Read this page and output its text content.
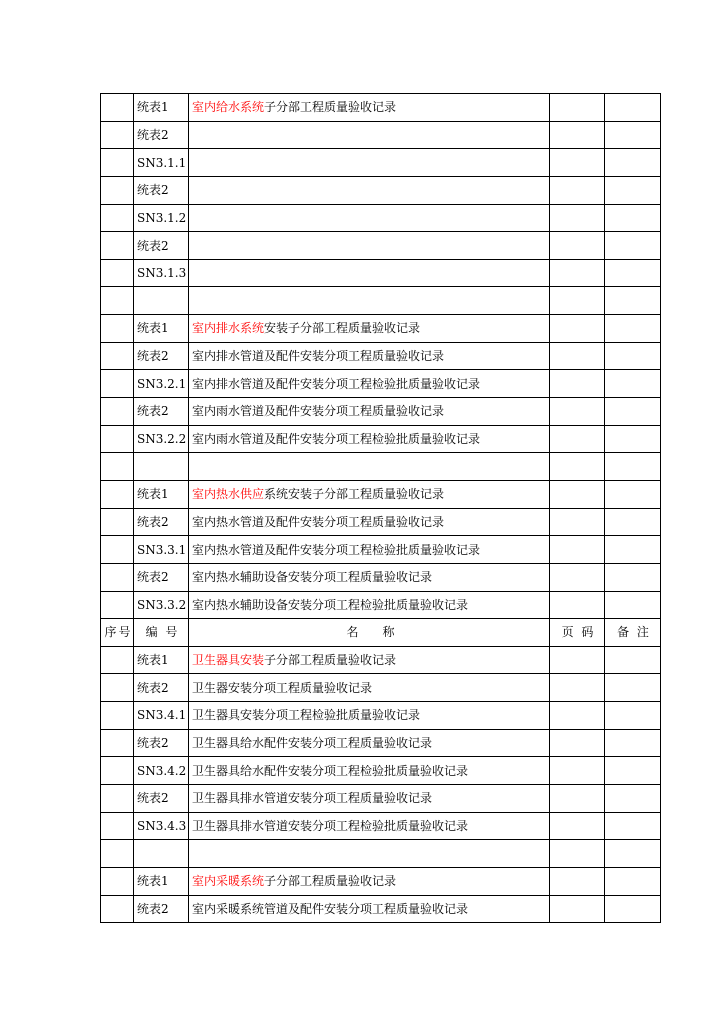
	统表1	室内给水系统子分部工程质量验收记录		
	统表2			
	SN3.1.1			
	统表2			
	SN3.1.2			
	统表2			
	SN3.1.3			

	统表1	室内排水系统安装子分部工程质量验收记录		
	统表2	室内排水管道及配件安装分项工程质量验收记录		
	SN3.2.1	室内排水管道及配件安装分项工程检验批质量验收记录		
	统表2	室内雨水管道及配件安装分项工程质量验收记录		
	SN3.2.2	室内雨水管道及配件安装分项工程检验批质量验收记录		

	统表1	室内热水供应系统安装子分部工程质量验收记录		
	统表2	室内热水管道及配件安装分项工程质量验收记录		
	SN3.3.1	室内热水管道及配件安装分项工程检验批质量验收记录		
	统表2	室内热水辅助设备安装分项工程质量验收记录		
	SN3.3.2	室内热水辅助设备安装分项工程检验批质量验收记录		
序号	编 号	名　　称	页 码	备 注
	统表1	卫生器具安装子分部工程质量验收记录		
	统表2	卫生器安装分项工程质量验收记录		
	SN3.4.1	卫生器具安装分项工程检验批质量验收记录		
	统表2	卫生器具给水配件安装分项工程质量验收记录		
	SN3.4.2	卫生器具给水配件安装分项工程检验批质量验收记录		
	统表2	卫生器具排水管道安装分项工程质量验收记录		
	SN3.4.3	卫生器具排水管道安装分项工程检验批质量验收记录		

	统表1	室内采暖系统子分部工程质量验收记录		
	统表2	室内采暖系统管道及配件安装分项工程质量验收记录		
